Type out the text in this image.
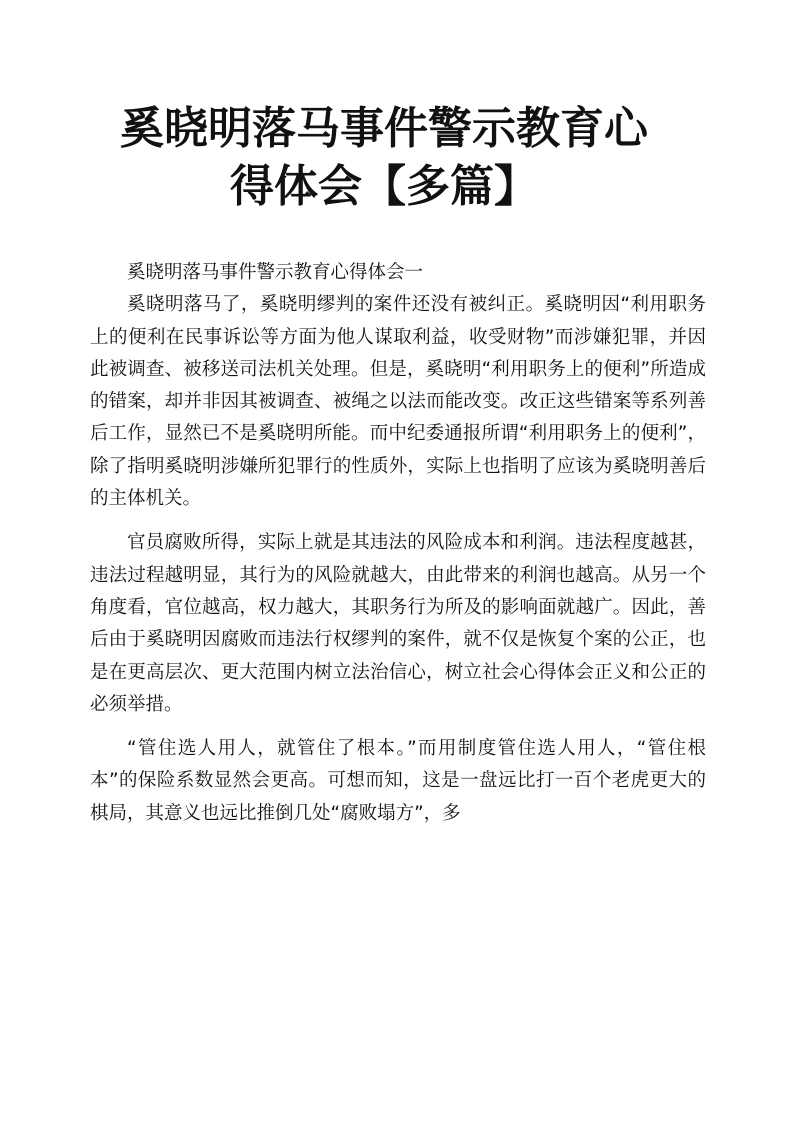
奚晓明落马事件警示教育心
得体会【多篇】

奚晓明落马事件警示教育心得体会一

奚晓明落马了，奚晓明缪判的案件还没有被纠正。奚晓明因“利用职务上的便利在民事诉讼等方面为他人谋取利益，收受财物”而涉嫌犯罪，并因此被调查、被移送司法机关处理。但是，奚晓明“利用职务上的便利”所造成的错案，却并非因其被调查、被绳之以法而能改变。改正这些错案等系列善后工作，显然已不是奚晓明所能。而中纪委通报所谓“利用职务上的便利”，除了指明奚晓明涉嫌所犯罪行的性质外，实际上也指明了应该为奚晓明善后的主体机关。

官员腐败所得，实际上就是其违法的风险成本和利润。违法程度越甚，违法过程越明显，其行为的风险就越大，由此带来的利润也越高。从另一个角度看，官位越高，权力越大，其职务行为所及的影响面就越广。因此，善后由于奚晓明因腐败而违法行权缪判的案件，就不仅是恢复个案的公正，也是在更高层次、更大范围内树立法治信心，树立社会心得体会正义和公正的必须举措。

“管住选人用人，就管住了根本。”而用制度管住选人用人，“管住根本”的保险系数显然会更高。可想而知，这是一盘远比打一百个老虎更大的棋局，其意义也远比推倒几处“腐败塌方”，多
